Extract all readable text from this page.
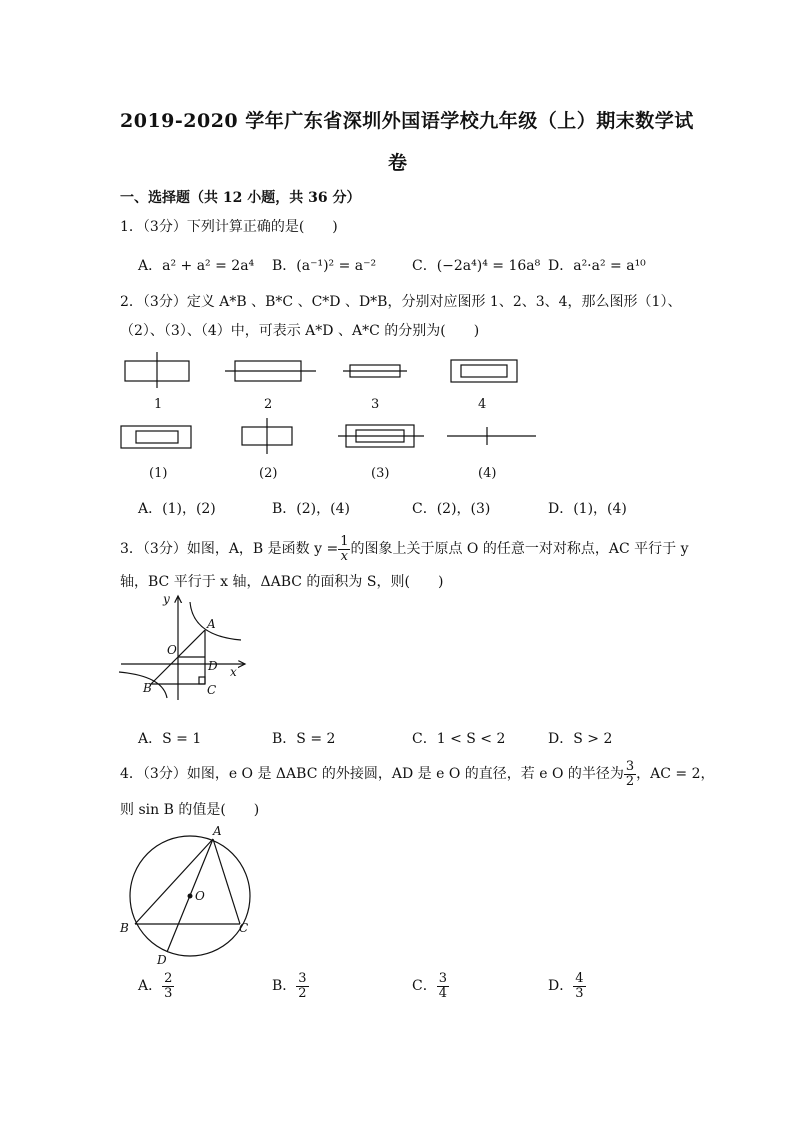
2019-2020 学年广东省深圳外国语学校九年级（上）期末数学试
卷
一、选择题（共 12 小题，共 36 分）
1．（3分）下列计算正确的是(　　)
A．a² + a² = 2a⁴ B．(a⁻¹)² = a⁻²	C．(−2a⁴)⁴ = 16a⁸ D．a²·a² = a¹⁰
2．（3分）定义 A*B 、B*C 、C*D 、D*B，分别对应图形 1、2、3、4，那么图形（1）、
（2）、（3）、（4）中，可表示 A*D 、A*C 的分别为(　　)
1	2	3	4
(1)	(2)	(3)	(4)
A．(1)，(2)	B．(2)，(4)	C．(2)，(3)	D．(1)，(4)
3．（3分）如图，A，B 是函数 $y = \frac{1}{x}$ 的图象上关于原点 O 的任意一对对称点，AC 平行于 y
轴，BC 平行于 x 轴，ΔABC 的面积为 S，则(　　)
y
O
A
D x
B	C
A．S = 1	B．S = 2	C．1 < S < 2	D．S > 2
4．（3分）如图，e O 是 ΔABC 的外接圆，AD 是 e O 的直径，若 e O 的半径为 $\frac{3}{2}$ ，AC = 2，
则 sin B 的值是(　　)
A
O
B	C
D
A． $\frac{2}{3}$	B． $\frac{3}{2}$	C． $\frac{3}{4}$	D． $\frac{4}{3}$
